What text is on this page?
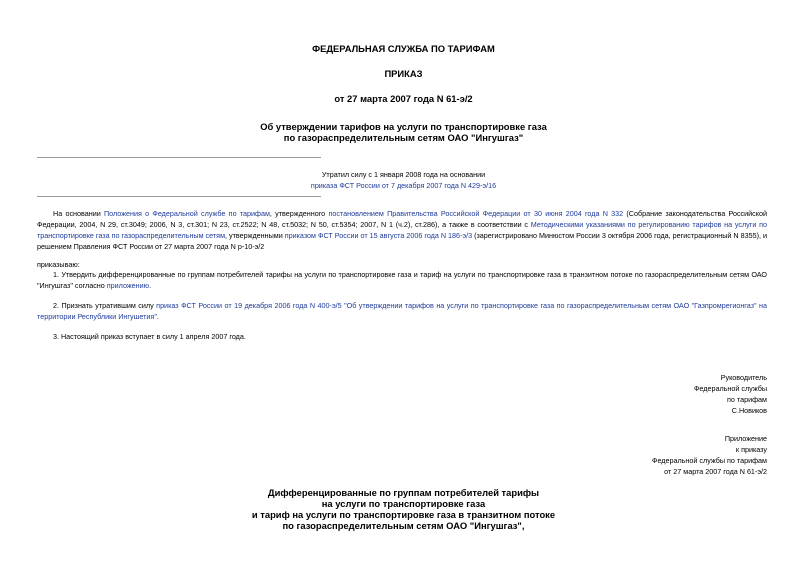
ФЕДЕРАЛЬНАЯ СЛУЖБА ПО ТАРИФАМ
ПРИКАЗ
от 27 марта 2007 года N 61-э/2
Об утверждении тарифов на услуги по транспортировке газа
по газораспределительным сетям ОАО "Ингушгаз"
Утратил силу с 1 января 2008 года на основании
приказа ФСТ России от 7 декабря 2007 года N 429-э/16
На основании Положения о Федеральной службе по тарифам, утвержденного постановлением Правительства Российской Федерации от 30 июня 2004 года N 332 (Собрание законодательства Российской Федерации, 2004, N 29, ст.3049; 2006, N 3, ст.301; N 23, ст.2522; N 48, ст.5032; N 50, ст.5354; 2007, N 1 (ч.2), ст.286), а также в соответствии с Методическими указаниями по регулированию тарифов на услуги по транспортировке газа по газораспределительным сетям, утвержденными приказом ФСТ России от 15 августа 2006 года N 186-э/3 (зарегистрировано Минюстом России 3 октября 2006 года, регистрационный N 8355), и решением Правления ФСТ России от 27 марта 2007 года N р-10-э/2
приказываю:
1. Утвердить дифференцированные по группам потребителей тарифы на услуги по транспортировке газа и тариф на услуги по транспортировке газа в транзитном потоке по газораспределительным сетям ОАО "Ингушгаз" согласно приложению.
2. Признать утратившим силу приказ ФСТ России от 19 декабря 2006 года N 400-э/5 "Об утверждении тарифов на услуги по транспортировке газа по газораспределительным сетям ОАО "Газпромрегионгаз" на территории Республики Ингушетия".
3. Настоящий приказ вступает в силу 1 апреля 2007 года.
Руководитель
Федеральной службы
по тарифам
С.Новиков
Приложение
к приказу
Федеральной службы по тарифам
от 27 марта 2007 года N 61-э/2
Дифференцированные по группам потребителей тарифы
на услуги по транспортировке газа
и тариф на услуги по транспортировке газа в транзитном потоке
по газораспределительным сетям ОАО "Ингушгаз",
